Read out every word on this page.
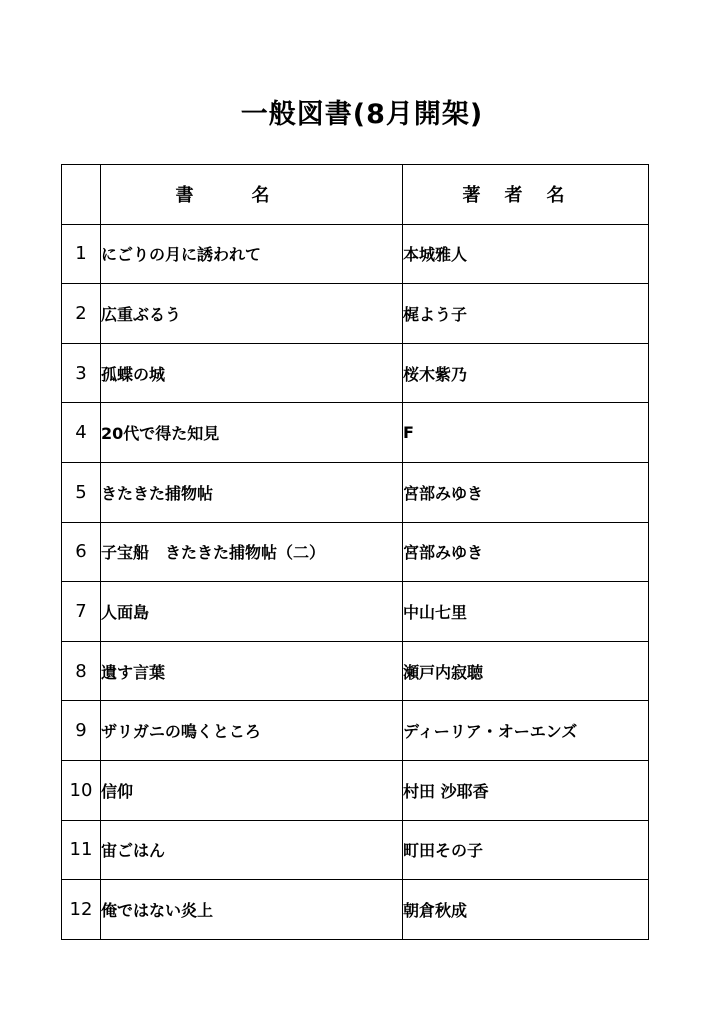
一般図書(8月開架)
	書名	著者名
1	にごりの月に誘われて	本城雅人
2	広重ぶるう	梶よう子
3	孤蝶の城	桜木紫乃
4	20代で得た知見	F
5	きたきた捕物帖	宮部みゆき
6	子宝船　きたきた捕物帖（二）	宮部みゆき
7	人面島	中山七里
8	遺す言葉	瀬戸内寂聴
9	ザリガニの鳴くところ	ディーリア・オーエンズ
10	信仰	村田 沙耶香
11	宙ごはん	町田その子
12	俺ではない炎上	朝倉秋成
